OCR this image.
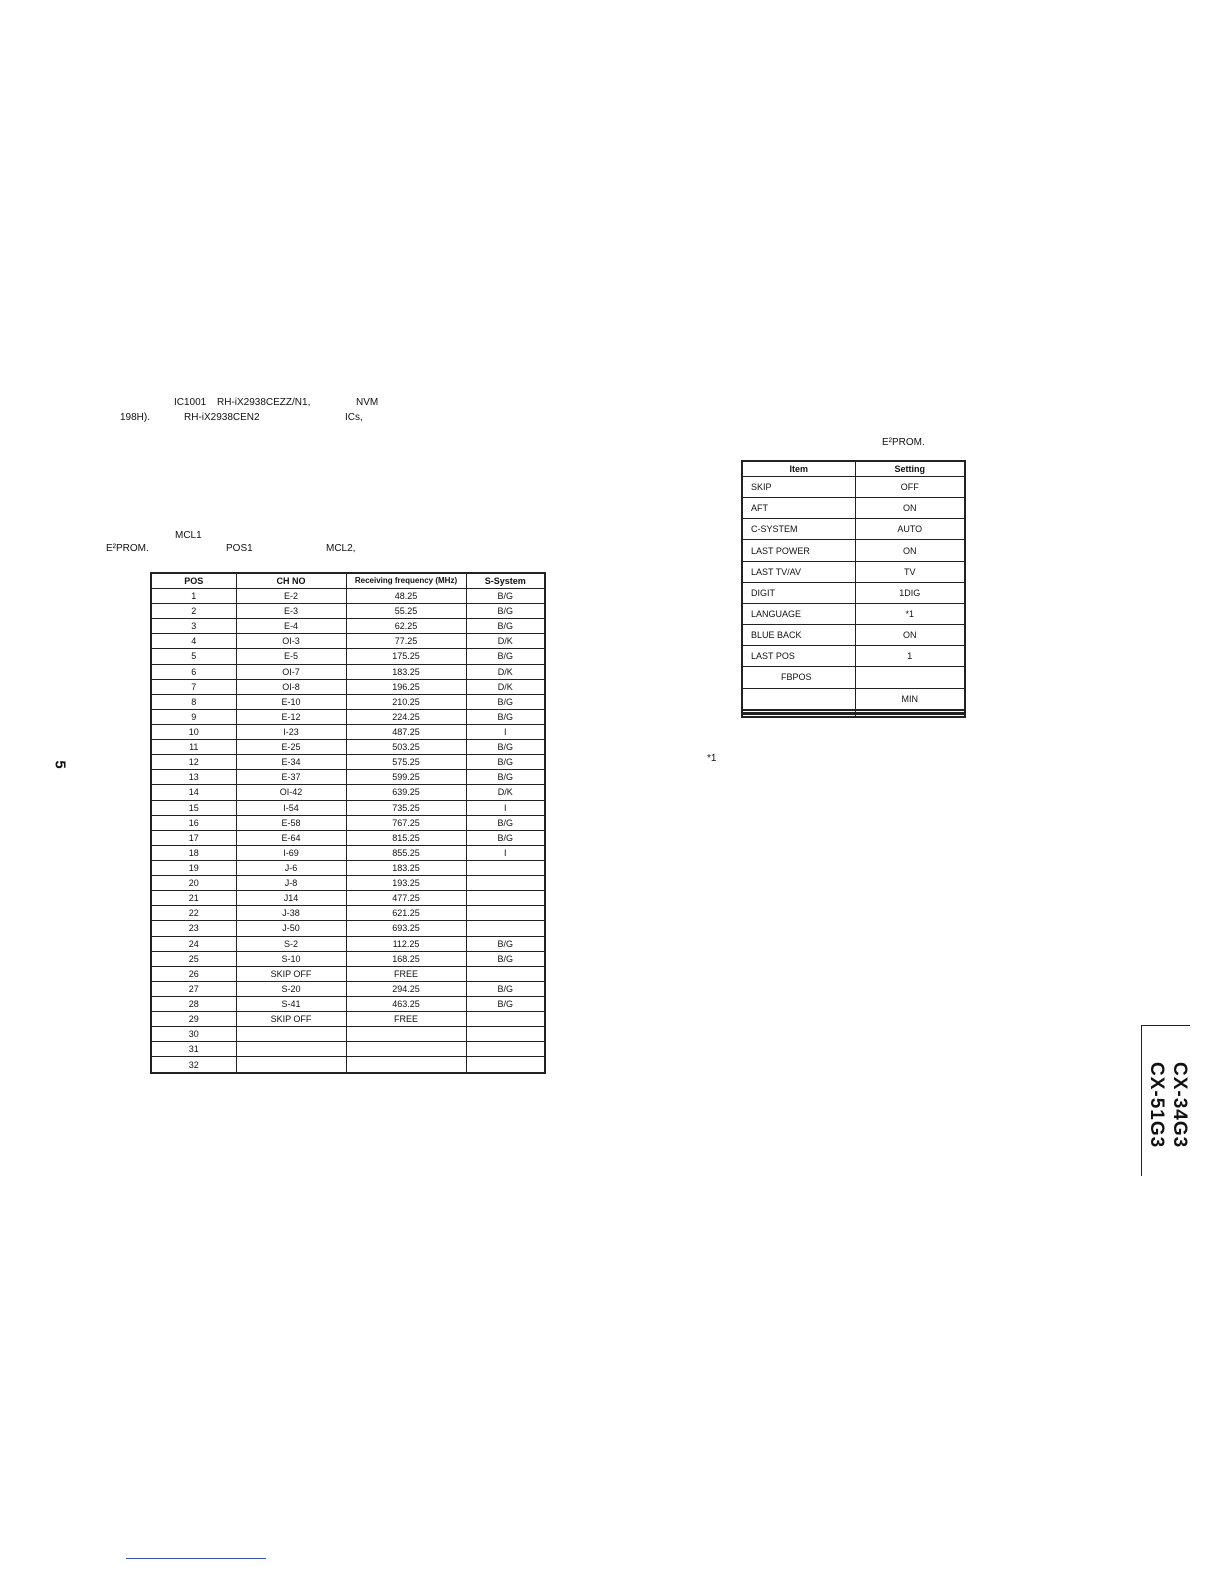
IC1001 RH-iX2938CEZZ/N1,	NVM
198H).	RH-iX2938CEN2	ICs,
MCL1
E²PROM.	POS1	MCL2,
E²PROM.
POS	CH NO	Receiving frequency (MHz)	S-System
1	E-2	48.25	B/G
2	E-3	55.25	B/G
3	E-4	62.25	B/G
4	OI-3	77.25	D/K
5	E-5	175.25	B/G
6	OI-7	183.25	D/K
7	OI-8	196.25	D/K
8	E-10	210.25	B/G
9	E-12	224.25	B/G
10	I-23	487.25	I
11	E-25	503.25	B/G
12	E-34	575.25	B/G
13	E-37	599.25	B/G
14	OI-42	639.25	D/K
15	I-54	735.25	I
16	E-58	767.25	B/G
17	E-64	815.25	B/G
18	I-69	855.25	I
19	J-6	183.25	
20	J-8	193.25	
21	J14	477.25	
22	J-38	621.25	
23	J-50	693.25	
24	S-2	112.25	B/G
25	S-10	168.25	B/G
26	SKIP OFF	FREE	
27	S-20	294.25	B/G
28	S-41	463.25	B/G
29	SKIP OFF	FREE	
30			
31			
32			
Item	Setting
SKIP	OFF
AFT	ON
C-SYSTEM	AUTO
LAST POWER	ON
LAST TV/AV	TV
DIGIT	1DIG
LANGUAGE	*1
BLUE BACK	ON
LAST POS	1
FBPOS	
	MIN

*1
5
CX-34G3
CX-51G3
